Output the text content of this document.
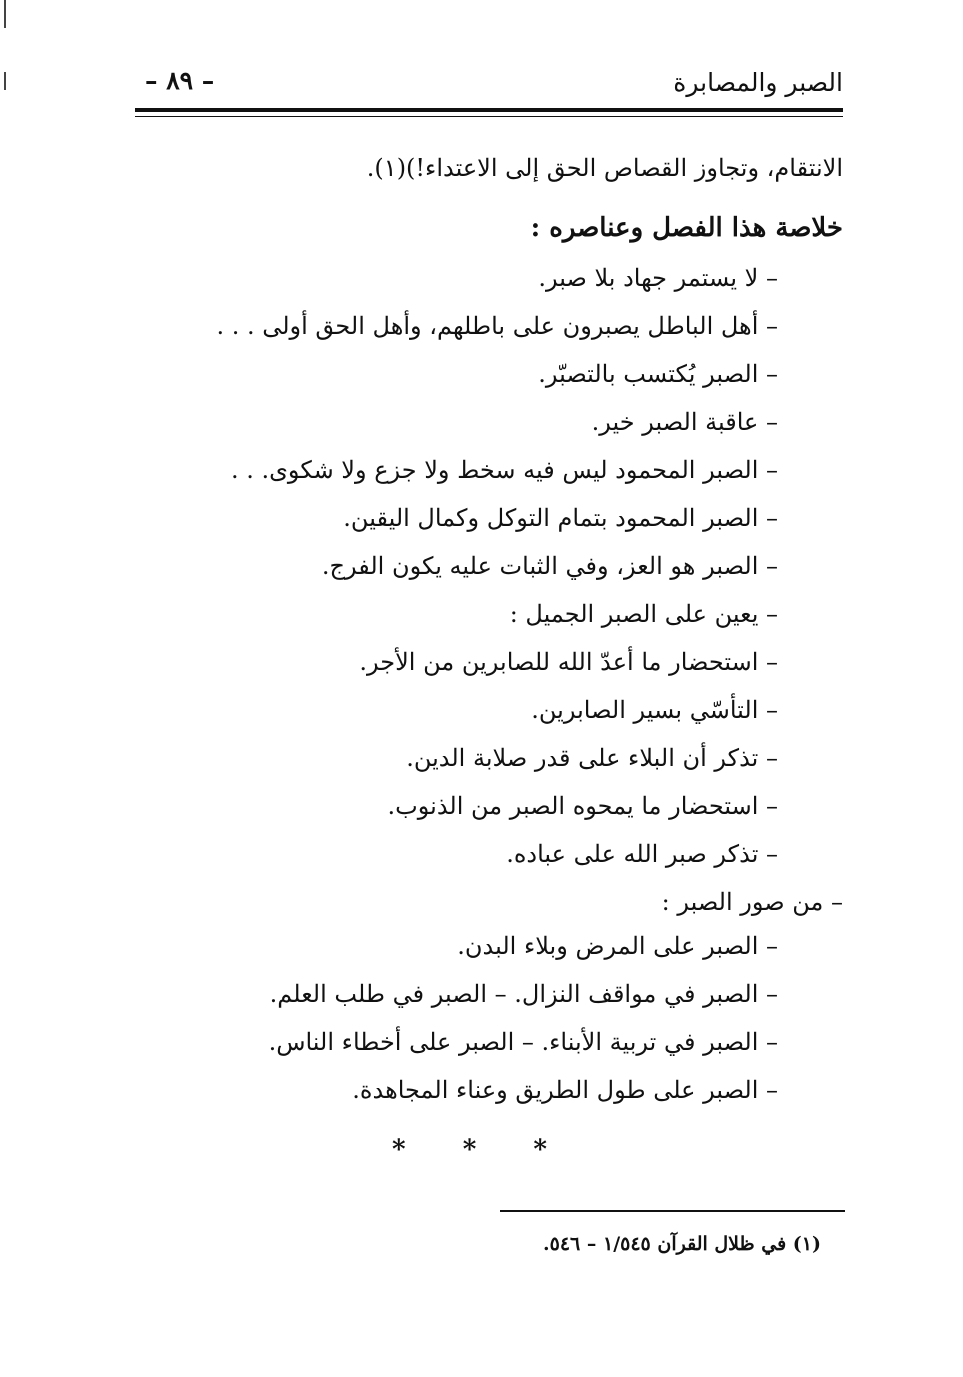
الصبر والمصابرة
– ٨٩ –
الانتقام، وتجاوز القصاص الحق إلى الاعتداء!)(١).
خلاصة هذا الفصل وعناصره :
– لا يستمر جهاد بلا صبر.
– أهل الباطل يصبرون على باطلهم، وأهل الحق أولى . . .
– الصبر يُكتسب بالتصبّر.
– عاقبة الصبر خير.
– الصبر المحمود ليس فيه سخط ولا جزع ولا شكوى. . .
– الصبر المحمود بتمام التوكل وكمال اليقين.
– الصبر هو العز، وفي الثبات عليه يكون الفرج.
– يعين على الصبر الجميل :
– استحضار ما أعدّ الله للصابرين من الأجر.
– التأسّي بسير الصابرين.
– تذكر أن البلاء على قدر صلابة الدين.
– استحضار ما يمحوه الصبر من الذنوب.
– تذكر صبر الله على عباده.
– من صور الصبر :
– الصبر على المرض وبلاء البدن.
– الصبر في مواقف النزال. – الصبر في طلب العلم.
– الصبر في تربية الأبناء. – الصبر على أخطاء الناس.
– الصبر على طول الطريق وعناء المجاهدة.
* * *
(١) في ظلال القرآن ١/٥٤٥ – ٥٤٦.
